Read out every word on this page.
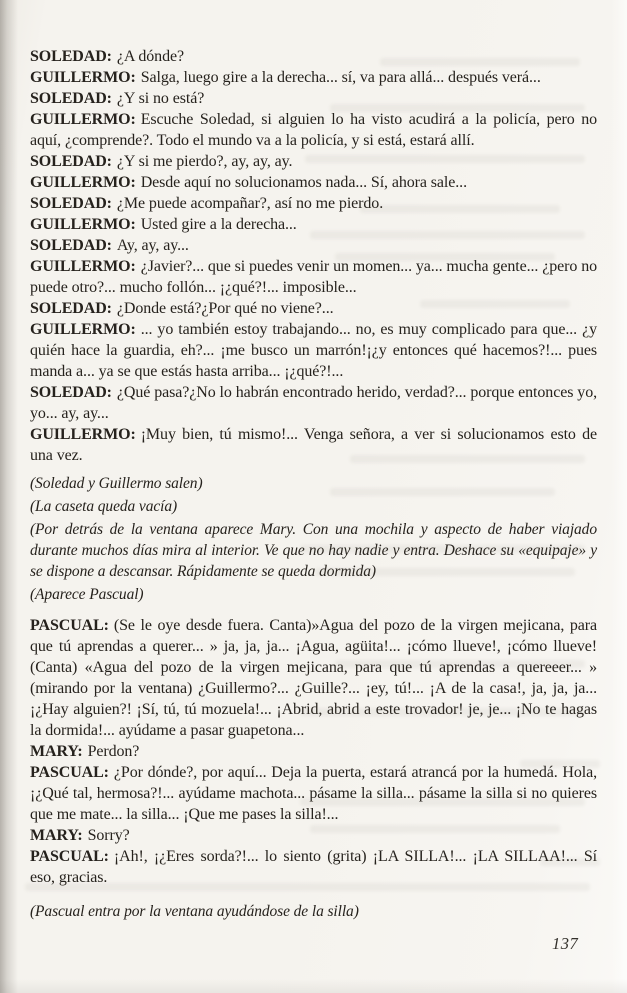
SOLEDAD: ¿A dónde?

GUILLERMO: Salga, luego gire a la derecha... sí, va para allá... después verá...

SOLEDAD: ¿Y si no está?

GUILLERMO: Escuche Soledad, si alguien lo ha visto acudirá a la policía, pero no aquí, ¿comprende?. Todo el mundo va a la policía, y si está, estará allí.

SOLEDAD: ¿Y si me pierdo?, ay, ay, ay.

GUILLERMO: Desde aquí no solucionamos nada... Sí, ahora sale...

SOLEDAD: ¿Me puede acompañar?, así no me pierdo.

GUILLERMO: Usted gire a la derecha...

SOLEDAD: Ay, ay, ay...

GUILLERMO: ¿Javier?... que si puedes venir un momen... ya... mucha gente... ¿pero no puede otro?... mucho follón... ¡¿qué?!... imposible...

SOLEDAD: ¿Donde está?¿Por qué no viene?...

GUILLERMO: ... yo también estoy trabajando... no, es muy complicado para que... ¿y quién hace la guardia, eh?... ¡me busco un marrón!¡¿y entonces qué hacemos?!... pues manda a... ya se que estás hasta arriba... ¡¿qué?!...

SOLEDAD: ¿Qué pasa?¿No lo habrán encontrado herido, verdad?... porque entonces yo, yo... ay, ay...

GUILLERMO: ¡Muy bien, tú mismo!... Venga señora, a ver si solucionamos esto de una vez.

(Soledad y Guillermo salen)

(La caseta queda vacía)

(Por detrás de la ventana aparece Mary. Con una mochila y aspecto de haber viajado durante muchos días mira al interior. Ve que no hay nadie y entra. Deshace su «equipaje» y se dispone a descansar. Rápidamente se queda dormida)

(Aparece Pascual)

PASCUAL: (Se le oye desde fuera. Canta)»Agua del pozo de la virgen mejicana, para que tú aprendas a querer... » ja, ja, ja... ¡Agua, agüita!... ¡cómo llueve!, ¡cómo llueve! (Canta) «Agua del pozo de la virgen mejicana, para que tú aprendas a quereeer... » (mirando por la ventana) ¿Guillermo?... ¿Guille?... ¡ey, tú!... ¡A de la casa!, ja, ja, ja... ¡¿Hay alguien?! ¡Sí, tú, tú mozuela!... ¡Abrid, abrid a este trovador! je, je... ¡No te hagas la dormida!... ayúdame a pasar guapetona...

MARY: Perdon?

PASCUAL: ¿Por dónde?, por aquí... Deja la puerta, estará atrancá por la humedá. Hola, ¡¿Qué tal, hermosa?!... ayúdame machota... pásame la silla... pásame la silla si no quieres que me mate... la silla... ¡Que me pases la silla!...

MARY: Sorry?

PASCUAL: ¡Ah!, ¡¿Eres sorda?!... lo siento (grita) ¡LA SILLA!... ¡LA SILLAA!... Sí eso, gracias.

(Pascual entra por la ventana ayudándose de la silla)

137
